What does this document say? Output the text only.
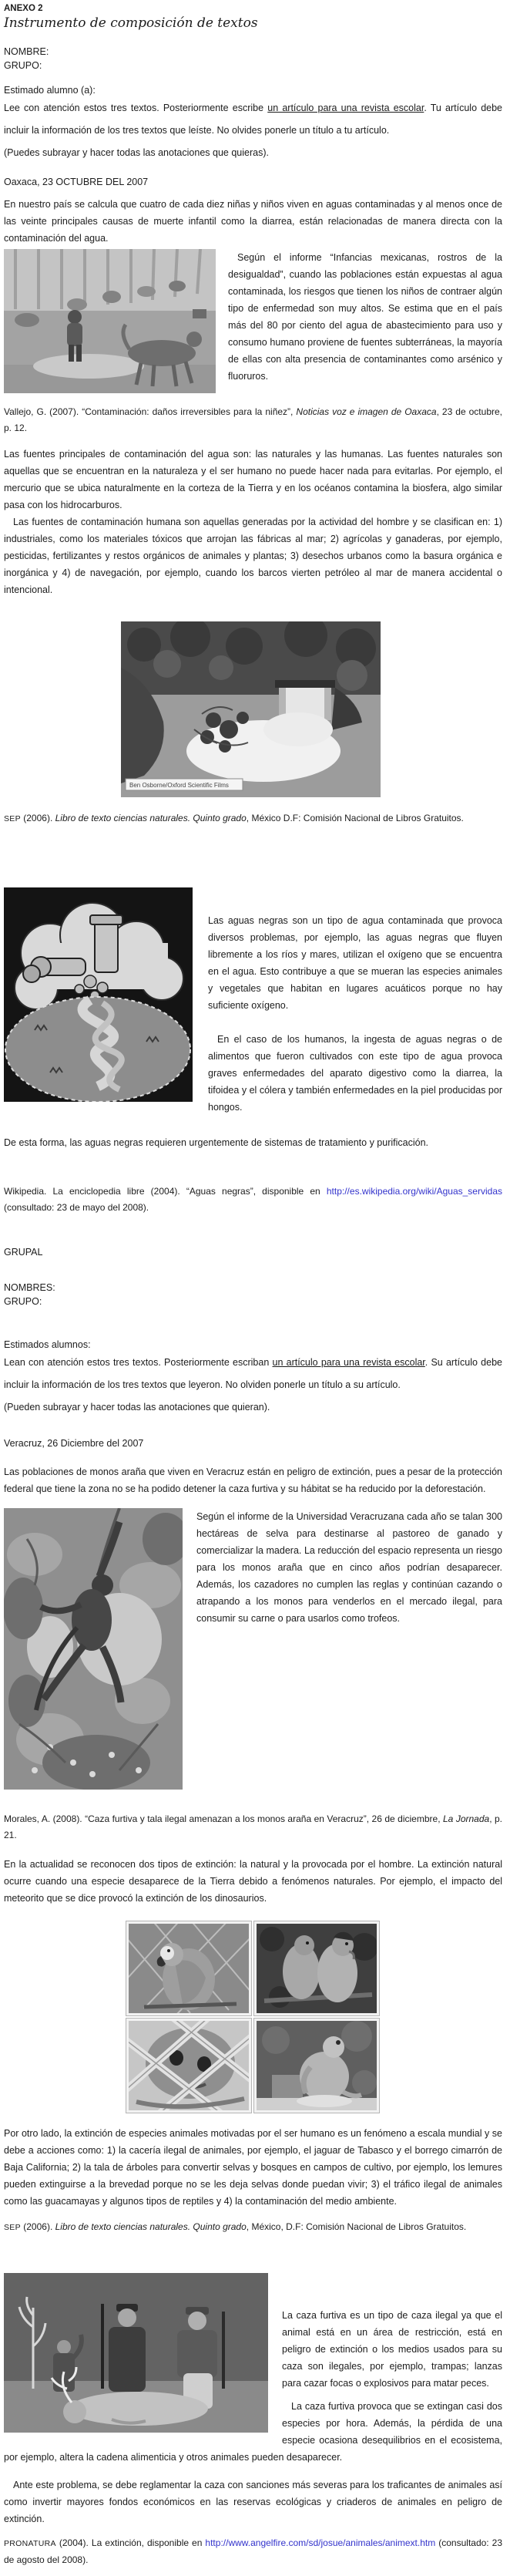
ANEXO 2
Instrumento de composición de textos
NOMBRE:
GRUPO:
Estimado alumno (a):
Lee con atención estos tres textos. Posteriormente escribe un artículo para una revista escolar. Tu artículo debe incluir la información de los tres textos que leíste. No olvides ponerle un título a tu artículo.
(Puedes subrayar y hacer todas las anotaciones que quieras).
Oaxaca, 23 OCTUBRE DEL 2007

En nuestro país se calcula que cuatro de cada diez niñas y niños viven en aguas contaminadas y al menos once de las veinte principales causas de muerte infantil como la diarrea, están relacionadas de manera directa con la contaminación del agua.

Según el informe “Infancias mexicanas, rostros de la desigualdad”, cuando las poblaciones están expuestas al agua contaminada, los riesgos que tienen los niños de contraer algún tipo de enfermedad son muy altos. Se estima que en el país más del 80 por ciento del agua de abastecimiento para uso y consumo humano proviene de fuentes subterráneas, la mayoría de ellas con alta presencia de contaminantes como arsénico y fluoruros.

Vallejo, G. (2007). “Contaminación: daños irreversibles para la niñez”, Noticias voz e imagen de Oaxaca, 23 de octubre, p. 12.

Las fuentes principales de contaminación del agua son: las naturales y las humanas. Las fuentes naturales son aquellas que se encuentran en la naturaleza y el ser humano no puede hacer nada para evitarlas. Por ejemplo, el mercurio que se ubica naturalmente en la corteza de la Tierra y en los océanos contamina la biosfera, algo similar pasa con los hidrocarburos.

Las fuentes de contaminación humana son aquellas generadas por la actividad del hombre y se clasifican en: 1) industriales, como los materiales tóxicos que arrojan las fábricas al mar; 2) agrícolas y ganaderas, por ejemplo, pesticidas, fertilizantes y restos orgánicos de animales y plantas; 3) desechos urbanos como la basura orgánica e inorgánica y 4) de navegación, por ejemplo, cuando los barcos vierten petróleo al mar de manera accidental o intencional.

Ben Osborne/Oxford Scientific Films

SEP (2006). Libro de texto ciencias naturales. Quinto grado, México D.F: Comisión Nacional de Libros Gratuitos.

Las aguas negras son un tipo de agua contaminada que provoca diversos problemas, por ejemplo, las aguas negras que fluyen libremente a los ríos y mares, utilizan el oxígeno que se encuentra en el agua. Esto contribuye a que se mueran las especies animales y vegetales que habitan en lugares acuáticos porque no hay suficiente oxígeno.

En el caso de los humanos, la ingesta de aguas negras o de alimentos que fueron cultivados con este tipo de agua provoca graves enfermedades del aparato digestivo como la diarrea, la tifoidea y el cólera y también enfermedades en la piel producidas por hongos.

De esta forma, las aguas negras requieren urgentemente de sistemas de tratamiento y purificación.

Wikipedia. La enciclopedia libre (2004). “Aguas negras”, disponible en http://es.wikipedia.org/wiki/Aguas_servidas (consultado: 23 de mayo del 2008).

GRUPAL
NOMBRES:
GRUPO:
Estimados alumnos:
Lean con atención estos tres textos. Posteriormente escriban un artículo para una revista escolar. Su artículo debe incluir la información de los tres textos que leyeron. No olviden ponerle un título a su artículo.
(Pueden subrayar y hacer todas las anotaciones que quieran).
Veracruz, 26 Diciembre del 2007

Las poblaciones de monos araña que viven en Veracruz están en peligro de extinción, pues a pesar de la protección federal que tiene la zona no se ha podido detener la caza furtiva y su hábitat se ha reducido por la deforestación.

Según el informe de la Universidad Veracruzana cada año se talan 300 hectáreas de selva para destinarse al pastoreo de ganado y comercializar la madera. La reducción del espacio representa un riesgo para los monos araña que en cinco años podrían desaparecer. Además, los cazadores no cumplen las reglas y continúan cazando o atrapando a los monos para venderlos en el mercado ilegal, para consumir su carne o para usarlos como trofeos.

Morales, A. (2008). “Caza furtiva y tala ilegal amenazan a los monos araña en Veracruz”, 26 de diciembre, La Jornada, p. 21.

En la actualidad se reconocen dos tipos de extinción: la natural y la provocada por el hombre. La extinción natural ocurre cuando una especie desaparece de la Tierra debido a fenómenos naturales. Por ejemplo, el impacto del meteorito que se dice provocó la extinción de los dinosaurios.

Por otro lado, la extinción de especies animales motivadas por el ser humano es un fenómeno a escala mundial y se debe a acciones como: 1) la cacería ilegal de animales, por ejemplo, el jaguar de Tabasco y el borrego cimarrón de Baja California; 2) la tala de árboles para convertir selvas y bosques en campos de cultivo, por ejemplo, los lemures pueden extinguirse a la brevedad porque no se les deja selvas donde puedan vivir; 3) el tráfico ilegal de animales como las guacamayas y algunos tipos de reptiles y 4) la contaminación del medio ambiente.

SEP (2006). Libro de texto ciencias naturales. Quinto grado, México, D.F: Comisión Nacional de Libros Gratuitos.

La caza furtiva es un tipo de caza ilegal ya que el animal está en un área de restricción, está en peligro de extinción o los medios usados para su caza son ilegales, por ejemplo, trampas; lanzas para cazar focas o explosivos para matar peces.

La caza furtiva provoca que se extingan casi dos especies por hora. Además, la pérdida de una especie ocasiona desequilibrios en el ecosistema, por ejemplo, altera la cadena alimenticia y otros animales pueden desaparecer.

Ante este problema, se debe reglamentar la caza con sanciones más severas para los traficantes de animales así como invertir mayores fondos económicos en las reservas ecológicas y criaderos de animales en peligro de extinción.

PRONATURA (2004). La extinción, disponible en http://www.angelfire.com/sd/josue/animales/animext.htm (consultado: 23 de agosto del 2008).
